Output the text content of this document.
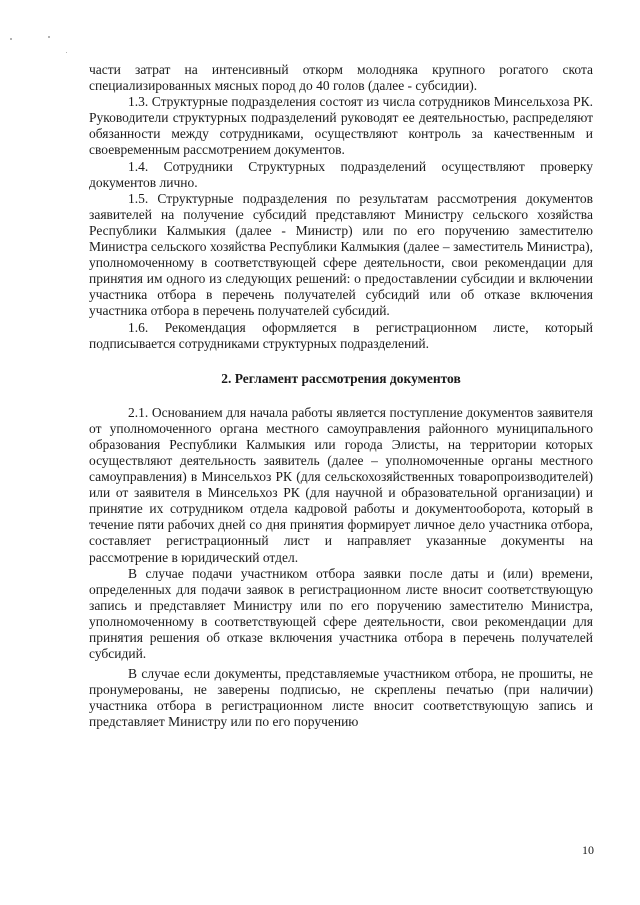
части затрат на интенсивный откорм молодняка крупного рогатого скота специализированных мясных пород до 40 голов (далее - субсидии).

1.3. Структурные подразделения состоят из числа сотрудников Минсельхоза РК. Руководители структурных подразделений руководят ее деятельностью, распределяют обязанности между сотрудниками, осуществляют контроль за качественным и своевременным рассмотрением документов.

1.4. Сотрудники Структурных подразделений осуществляют проверку документов лично.

1.5. Структурные подразделения по результатам рассмотрения документов заявителей на получение субсидий представляют Министру сельского хозяйства Республики Калмыкия (далее - Министр) или по его поручению заместителю Министра сельского хозяйства Республики Калмыкия (далее – заместитель Министра), уполномоченному в соответствующей сфере деятельности, свои рекомендации для принятия им одного из следующих решений: о предоставлении субсидии и включении участника отбора в перечень получателей субсидий или об отказе включения участника отбора в перечень получателей субсидий.

1.6. Рекомендация оформляется в регистрационном листе, который подписывается сотрудниками структурных подразделений.

2. Регламент рассмотрения документов

2.1. Основанием для начала работы является поступление документов заявителя от уполномоченного органа местного самоуправления районного муниципального образования Республики Калмыкия или города Элисты, на территории которых осуществляют деятельность заявитель (далее – уполномоченные органы местного самоуправления) в Минсельхоз РК (для сельскохозяйственных товаропроизводителей) или от заявителя в Минсельхоз РК (для научной и образовательной организации) и принятие их сотрудником отдела кадровой работы и документооборота, который в течение пяти рабочих дней со дня принятия формирует личное дело участника отбора, составляет регистрационный лист и направляет указанные документы на рассмотрение в юридический отдел.

В случае подачи участником отбора заявки после даты и (или) времени, определенных для подачи заявок в регистрационном листе вносит соответствующую запись и представляет Министру или по его поручению заместителю Министра, уполномоченному в соответствующей сфере деятельности, свои рекомендации для принятия решения об отказе включения участника отбора в перечень получателей субсидий.

В случае если документы, представляемые участником отбора, не прошиты, не пронумерованы, не заверены подписью, не скреплены печатью (при наличии) участника отбора в регистрационном листе вносит соответствующую запись и представляет Министру или по его поручению

10
